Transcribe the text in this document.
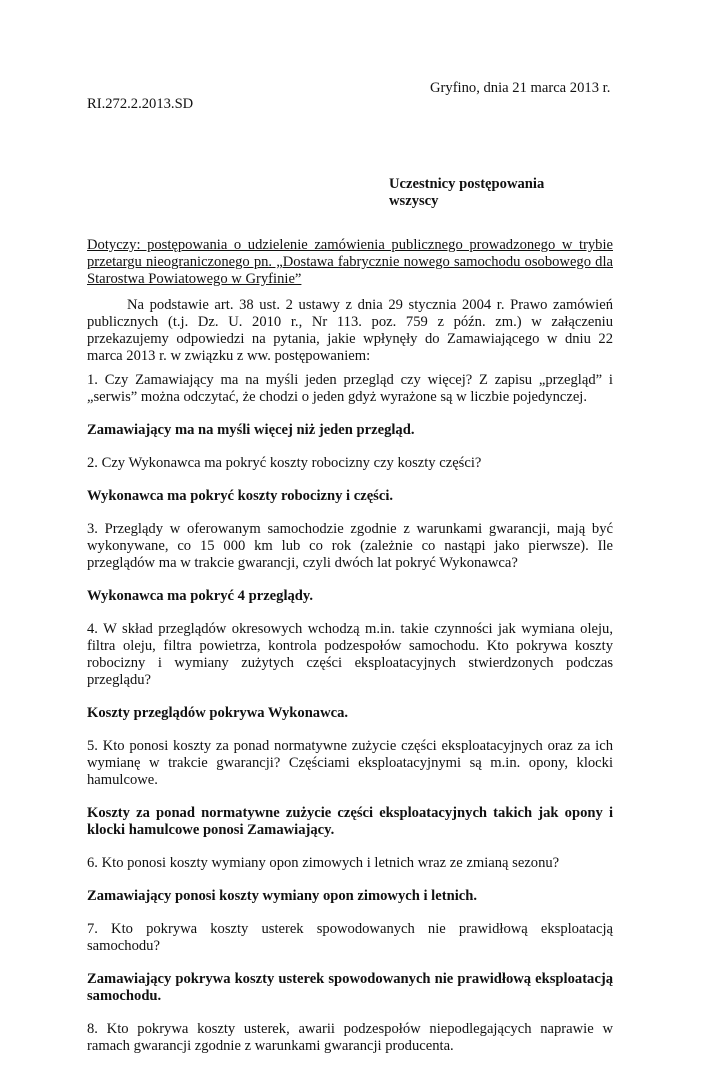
Gryfino, dnia 21 marca 2013 r.

RI.272.2.2013.SD

Uczestnicy postępowania
wszyscy

Dotyczy: postępowania o udzielenie zamówienia publicznego prowadzonego w trybie przetargu nieograniczonego pn. „Dostawa fabrycznie nowego samochodu osobowego dla Starostwa Powiatowego w Gryfinie”

Na podstawie art. 38 ust. 2 ustawy z dnia 29 stycznia 2004 r. Prawo zamówień publicznych (t.j. Dz. U. 2010 r., Nr 113. poz. 759 z późn. zm.) w załączeniu przekazujemy odpowiedzi na pytania, jakie wpłynęły do Zamawiającego w dniu 22 marca 2013 r. w związku z ww. postępowaniem:

1. Czy Zamawiający ma na myśli jeden przegląd czy więcej? Z zapisu „przegląd” i „serwis” można odczytać, że chodzi o jeden gdyż wyrażone są w liczbie pojedynczej.

Zamawiający ma na myśli więcej niż jeden przegląd.

2. Czy Wykonawca ma pokryć koszty robocizny czy koszty części?

Wykonawca ma pokryć koszty robocizny i części.

3. Przeglądy w oferowanym samochodzie zgodnie z warunkami gwarancji, mają być wykonywane, co 15 000 km lub co rok (zależnie co nastąpi jako pierwsze). Ile przeglądów ma w trakcie gwarancji, czyli dwóch lat pokryć Wykonawca?

Wykonawca ma pokryć 4 przeglądy.

4. W skład przeglądów okresowych wchodzą m.in. takie czynności jak wymiana oleju, filtra oleju, filtra powietrza, kontrola podzespołów samochodu. Kto pokrywa koszty robocizny i wymiany zużytych części eksploatacyjnych stwierdzonych podczas przeglądu?

Koszty przeglądów pokrywa Wykonawca.

5. Kto ponosi koszty za ponad normatywne zużycie części eksploatacyjnych oraz za ich wymianę w trakcie gwarancji? Częściami eksploatacyjnymi są m.in. opony, klocki hamulcowe.

Koszty za ponad normatywne zużycie części eksploatacyjnych takich jak opony i klocki hamulcowe ponosi Zamawiający.

6. Kto ponosi koszty wymiany opon zimowych i letnich wraz ze zmianą sezonu?

Zamawiający ponosi koszty wymiany opon zimowych i letnich.

7. Kto pokrywa koszty usterek spowodowanych nie prawidłową eksploatacją samochodu?

Zamawiający pokrywa koszty usterek spowodowanych nie prawidłową eksploatacją samochodu.

8. Kto pokrywa koszty usterek, awarii podzespołów niepodlegających naprawie w ramach gwarancji zgodnie z warunkami gwarancji producenta.
